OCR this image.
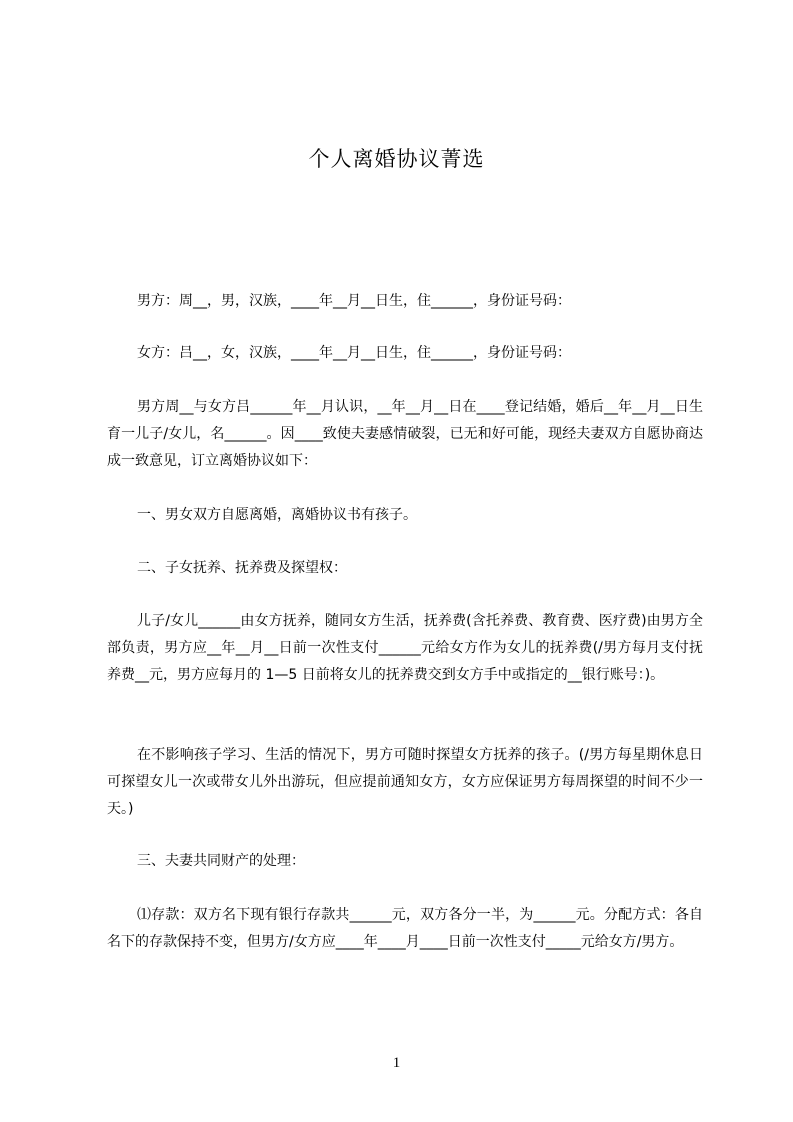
个人离婚协议菁选

男方：周__，男，汉族，____年__月__日生，住______，身份证号码：

女方：吕__，女，汉族，____年__月__日生，住______，身份证号码：

男方周__与女方吕______年__月认识，__年__月__日在____登记结婚，婚后__年__月__日生育一儿子/女儿，名______。因____致使夫妻感情破裂，已无和好可能，现经夫妻双方自愿协商达成一致意见，订立离婚协议如下：

一、男女双方自愿离婚，离婚协议书有孩子。

二、子女抚养、抚养费及探望权：

儿子/女儿______由女方抚养，随同女方生活，抚养费(含托养费、教育费、医疗费)由男方全部负责，男方应__年__月__日前一次性支付______元给女方作为女儿的抚养费(/男方每月支付抚养费__元，男方应每月的 1—5 日前将女儿的抚养费交到女方手中或指定的__银行账号：)。

在不影响孩子学习、生活的情况下，男方可随时探望女方抚养的孩子。(/男方每星期休息日可探望女儿一次或带女儿外出游玩，但应提前通知女方，女方应保证男方每周探望的时间不少一天。)

三、夫妻共同财产的处理：

⑴存款：双方名下现有银行存款共______元，双方各分一半，为______元。分配方式：各自名下的存款保持不变，但男方/女方应____年____月____日前一次性支付_____元给女方/男方。

1
